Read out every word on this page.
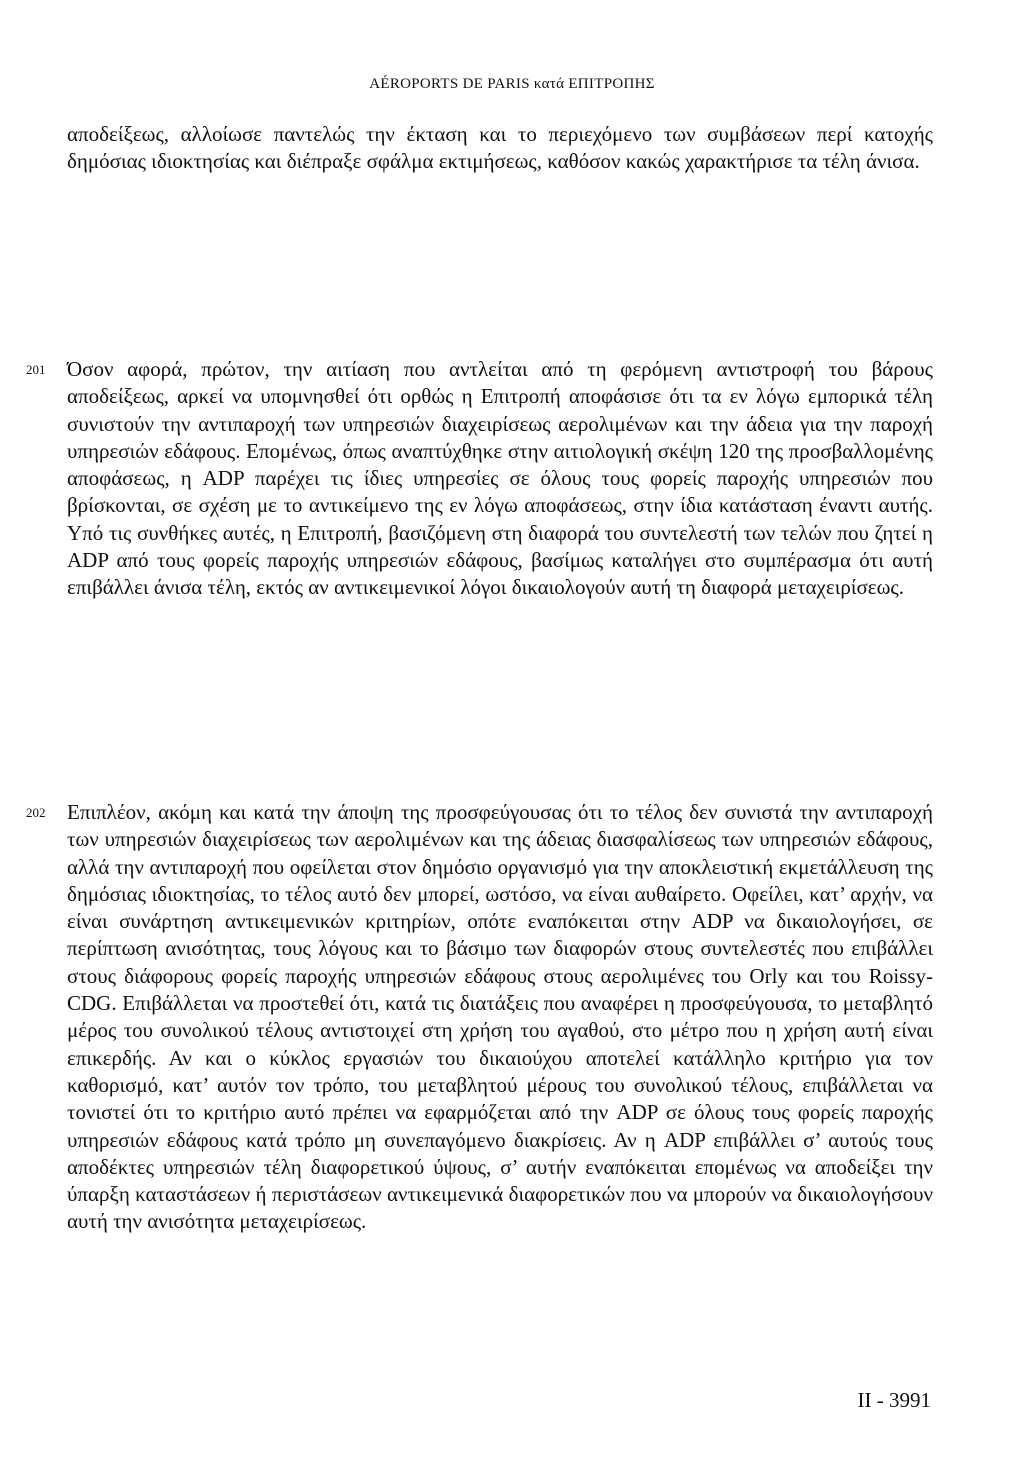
AÉROPORTS DE PARIS κατά ΕΠΙΤΡΟΠΗΣ
αποδείξεως, αλλοίωσε παντελώς την έκταση και το περιεχόμενο των συμβάσεων περί κατοχής δημόσιας ιδιοκτησίας και διέπραξε σφάλμα εκτιμήσεως, καθόσον κακώς χαρακτήρισε τα τέλη άνισα.
201 Όσον αφορά, πρώτον, την αιτίαση που αντλείται από τη φερόμενη αντιστροφή του βάρους αποδείξεως, αρκεί να υπομνησθεί ότι ορθώς η Επιτροπή αποφάσισε ότι τα εν λόγω εμπορικά τέλη συνιστούν την αντιπαροχή των υπηρεσιών διαχειρίσεως αερολιμένων και την άδεια για την παροχή υπηρεσιών εδάφους. Επομένως, όπως αναπτύχθηκε στην αιτιολογική σκέψη 120 της προσβαλλομένης αποφάσεως, η ADP παρέχει τις ίδιες υπηρεσίες σε όλους τους φορείς παροχής υπηρεσιών που βρίσκονται, σε σχέση με το αντικείμενο της εν λόγω αποφάσεως, στην ίδια κατάσταση έναντι αυτής. Υπό τις συνθήκες αυτές, η Επιτροπή, βασιζόμενη στη διαφορά του συντελεστή των τελών που ζητεί η ADP από τους φορείς παροχής υπηρεσιών εδάφους, βασίμως καταλήγει στο συμπέρασμα ότι αυτή επιβάλλει άνισα τέλη, εκτός αν αντικειμενικοί λόγοι δικαιολογούν αυτή τη διαφορά μεταχειρίσεως.
202 Επιπλέον, ακόμη και κατά την άποψη της προσφεύγουσας ότι το τέλος δεν συνιστά την αντιπαροχή των υπηρεσιών διαχειρίσεως των αερολιμένων και της άδειας διασφαλίσεως των υπηρεσιών εδάφους, αλλά την αντιπαροχή που οφείλεται στον δημόσιο οργανισμό για την αποκλειστική εκμετάλλευση της δημόσιας ιδιοκτησίας, το τέλος αυτό δεν μπορεί, ωστόσο, να είναι αυθαίρετο. Οφείλει, κατ’ αρχήν, να είναι συνάρτηση αντικειμενικών κριτηρίων, οπότε εναπόκειται στην ADP να δικαιολογήσει, σε περίπτωση ανισότητας, τους λόγους και το βάσιμο των διαφορών στους συντελεστές που επιβάλλει στους διάφορους φορείς παροχής υπηρεσιών εδάφους στους αερολιμένες του Orly και του Roissy-CDG. Επιβάλλεται να προστεθεί ότι, κατά τις διατάξεις που αναφέρει η προσφεύγουσα, το μεταβλητό μέρος του συνολικού τέλους αντιστοιχεί στη χρήση του αγαθού, στο μέτρο που η χρήση αυτή είναι επικερδής. Αν και ο κύκλος εργασιών του δικαιούχου αποτελεί κατάλληλο κριτήριο για τον καθορισμό, κατ’ αυτόν τον τρόπο, του μεταβλητού μέρους του συνολικού τέλους, επιβάλλεται να τονιστεί ότι το κριτήριο αυτό πρέπει να εφαρμόζεται από την ADP σε όλους τους φορείς παροχής υπηρεσιών εδάφους κατά τρόπο μη συνεπαγόμενο διακρίσεις. Αν η ADP επιβάλλει σ’ αυτούς τους αποδέκτες υπηρεσιών τέλη διαφορετικού ύψους, σ’ αυτήν εναπόκειται επομένως να αποδείξει την ύπαρξη καταστάσεων ή περιστάσεων αντικειμενικά διαφορετικών που να μπορούν να δικαιολογήσουν αυτή την ανισότητα μεταχειρίσεως.
II - 3991
